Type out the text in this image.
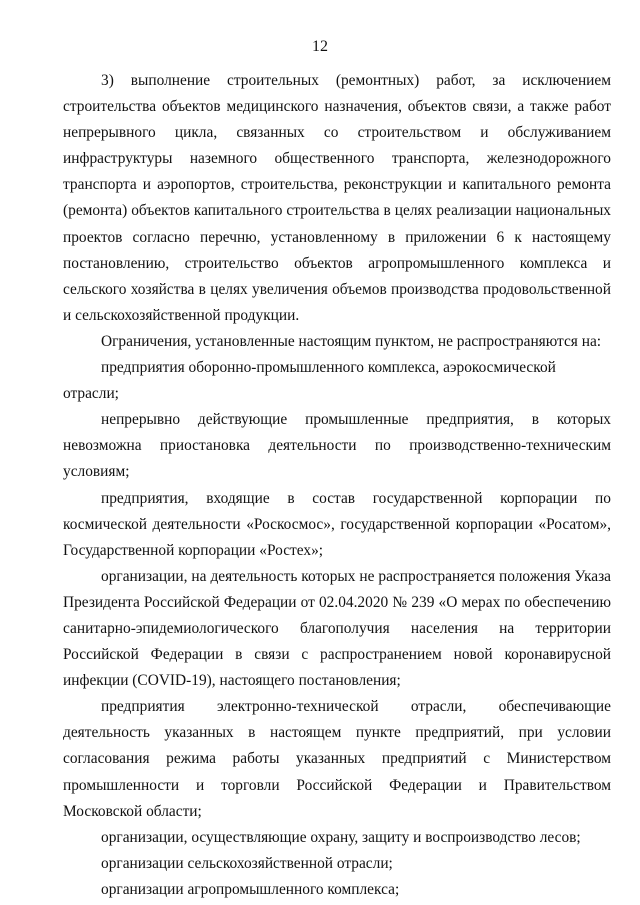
12

3) выполнение строительных (ремонтных) работ, за исключением строительства объектов медицинского назначения, объектов связи, а также работ непрерывного цикла, связанных со строительством и обслуживанием инфраструктуры наземного общественного транспорта, железнодорожного транспорта и аэропортов, строительства, реконструкции и капитального ремонта (ремонта) объектов капитального строительства в целях реализации национальных проектов согласно перечню, установленному в приложении 6 к настоящему постановлению, строительство объектов агропромышленного комплекса и сельского хозяйства в целях увеличения объемов производства продовольственной и сельскохозяйственной продукции.

Ограничения, установленные настоящим пунктом, не распространяются на:

предприятия оборонно-промышленного комплекса, аэрокосмической отрасли;

непрерывно действующие промышленные предприятия, в которых невозможна приостановка деятельности по производственно-техническим условиям;

предприятия, входящие в состав государственной корпорации по космической деятельности «Роскосмос», государственной корпорации «Росатом», Государственной корпорации «Ростех»;

организации, на деятельность которых не распространяется положения Указа Президента Российской Федерации от 02.04.2020 № 239 «О мерах по обеспечению санитарно-эпидемиологического благополучия населения на территории Российской Федерации в связи с распространением новой коронавирусной инфекции (COVID-19), настоящего постановления;

предприятия электронно-технической отрасли, обеспечивающие деятельность указанных в настоящем пункте предприятий, при условии согласования режима работы указанных предприятий с Министерством промышленности и торговли Российской Федерации и Правительством Московской области;

организации, осуществляющие охрану, защиту и воспроизводство лесов;

организации сельскохозяйственной отрасли;

организации агропромышленного комплекса;
